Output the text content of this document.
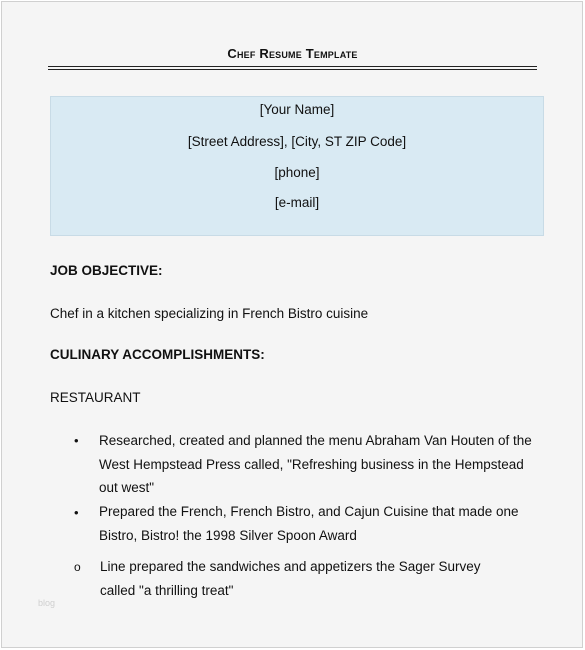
Chef Resume Template
[Your Name]
[Street Address], [City, ST ZIP Code]
[phone]
[e-mail]
JOB OBJECTIVE:
Chef in a kitchen specializing in French Bistro cuisine
CULINARY ACCOMPLISHMENTS:
RESTAURANT
• Researched, created and planned the menu Abraham Van Houten of the
West Hempstead Press called, "Refreshing business in the Hempstead
out west"
• Prepared the French, French Bistro, and Cajun Cuisine that made one
Bistro, Bistro! the 1998 Silver Spoon Award
o Line prepared the sandwiches and appetizers the Sager Survey
called "a thrilling treat"
blog
